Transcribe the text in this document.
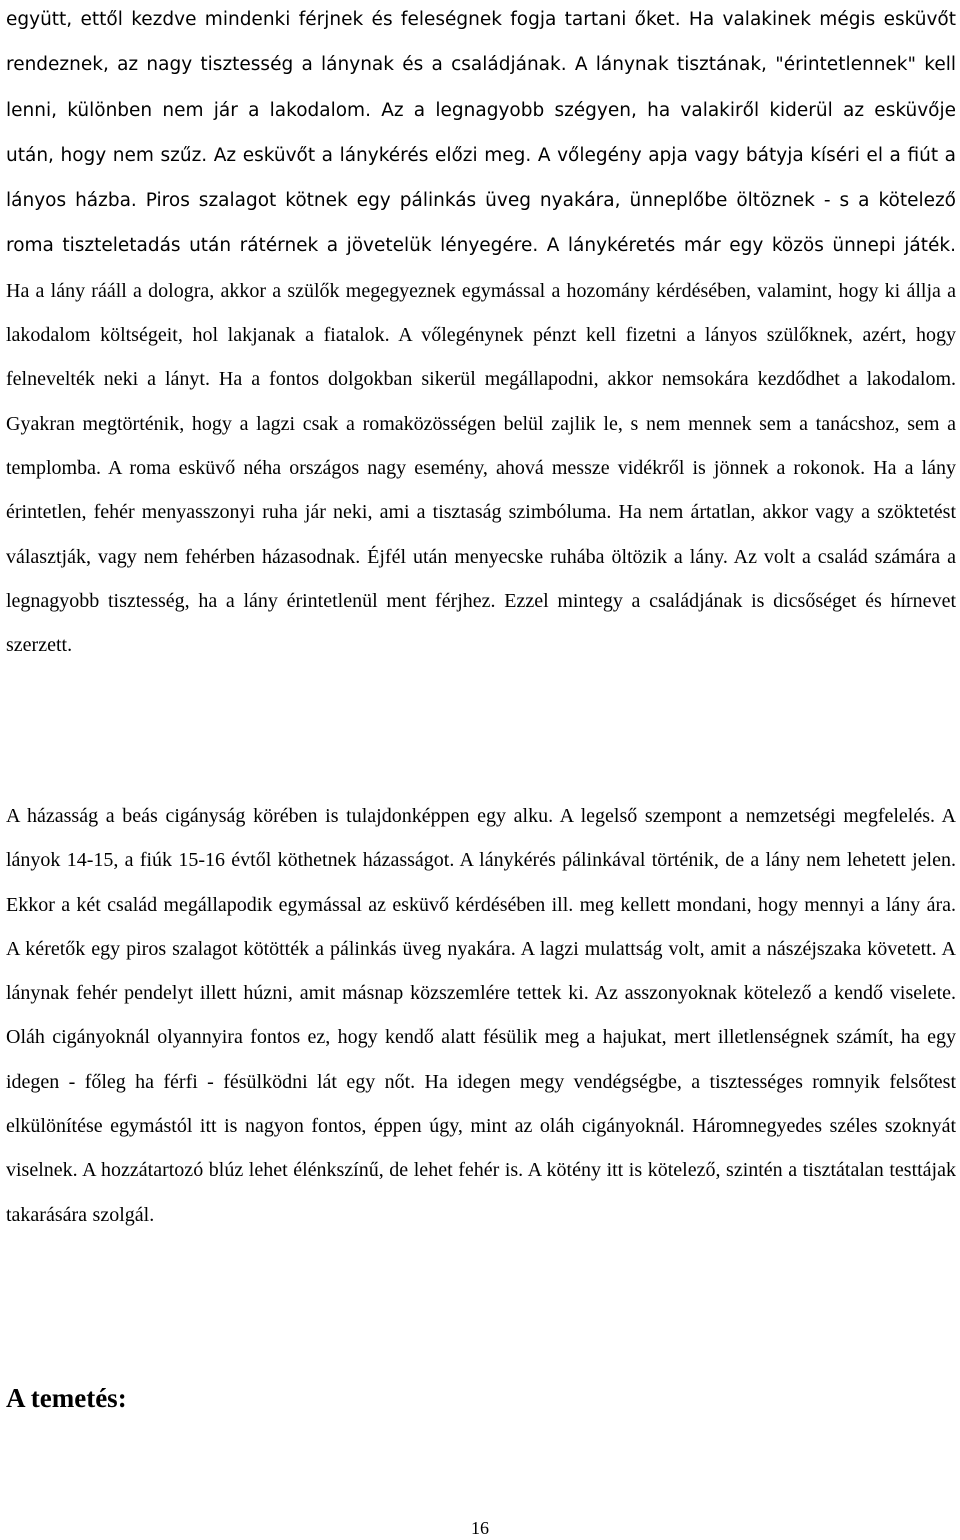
együtt, ettől kezdve mindenki férjnek és feleségnek fogja tartani őket. Ha valakinek mégis esküvőt rendeznek, az nagy tisztesség a lánynak és a családjának. A lánynak tisztának, "érintetlennek" kell lenni, különben nem jár a lakodalom. Az a legnagyobb szégyen, ha valakiről kiderül az esküvője után, hogy nem szűz. Az esküvőt a lánykérés előzi meg. A vőlegény apja vagy bátyja kíséri el a fiút a lányos házba. Piros szalagot kötnek egy pálinkás üveg nyakára, ünneplőbe öltöznek - s a kötelező roma tiszteletadás után rátérnek a jövetelük lényegére. A lánykéretés már egy közös ünnepi játék. Ha a lány rááll a dologra, akkor a szülők megegyeznek egymással a hozomány kérdésében, valamint, hogy ki állja a lakodalom költségeit, hol lakjanak a fiatalok. A vőlegénynek pénzt kell fizetni a lányos szülőknek, azért, hogy felnevelték neki a lányt. Ha a fontos dolgokban sikerül megállapodni, akkor nemsokára kezdődhet a lakodalom. Gyakran megtörténik, hogy a lagzi csak a romaközösségen belül zajlik le, s nem mennek sem a tanácshoz, sem a templomba. A roma esküvő néha országos nagy esemény, ahová messze vidékről is jönnek a rokonok. Ha a lány érintetlen, fehér menyasszonyi ruha jár neki, ami a tisztaság szimbóluma. Ha nem ártatlan, akkor vagy a szöktetést választják, vagy nem fehérben házasodnak. Éjfél után menyecske ruhába öltözik a lány. Az volt a család számára a legnagyobb tisztesség, ha a lány érintetlenül ment férjhez. Ezzel mintegy a családjának is dicsőséget és hírnevet szerzett.

A házasság a beás cigányság körében is tulajdonképpen egy alku. A legelső szempont a nemzetségi megfelelés. A lányok 14-15, a fiúk 15-16 évtől köthetnek házasságot. A lánykérés pálinkával történik, de a lány nem lehetett jelen. Ekkor a két család megállapodik egymással az esküvő kérdésében ill. meg kellett mondani, hogy mennyi a lány ára. A kéretők egy piros szalagot kötötték a pálinkás üveg nyakára. A lagzi mulattság volt, amit a nászéjszaka követett. A lánynak fehér pendelyt illett húzni, amit másnap közszemlére tettek ki. Az asszonyoknak kötelező a kendő viselete. Oláh cigányoknál olyannyira fontos ez, hogy kendő alatt fésülik meg a hajukat, mert illetlenségnek számít, ha egy idegen - főleg ha férfi - fésülködni lát egy nőt. Ha idegen megy vendégségbe, a tisztességes romnyik felsőtest elkülönítése egymástól itt is nagyon fontos, éppen úgy, mint az oláh cigányoknál. Háromnegyedes széles szoknyát viselnek. A hozzátartozó blúz lehet élénkszínű, de lehet fehér is. A kötény itt is kötelező, szintén a tisztátalan testtájak takarására szolgál.

A temetés:
16
